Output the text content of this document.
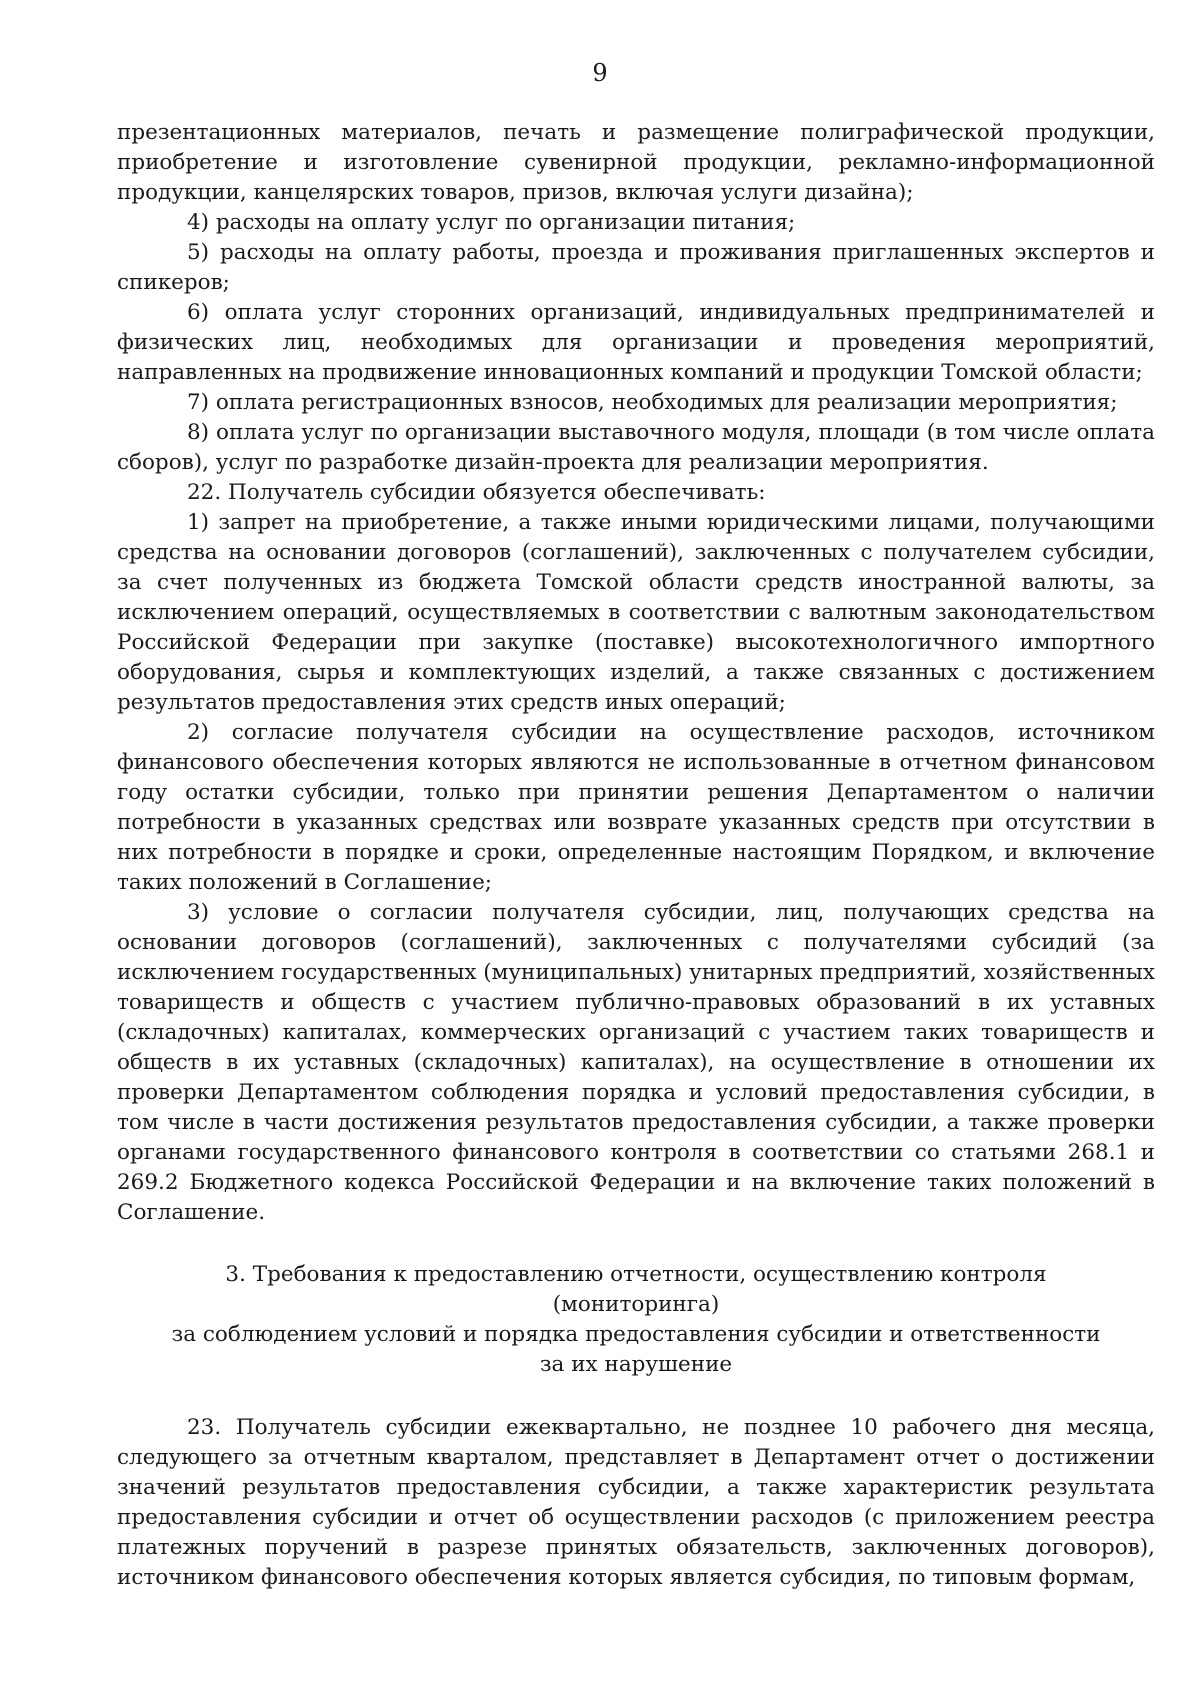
9

презентационных материалов, печать и размещение полиграфической продукции, приобретение и изготовление сувенирной продукции, рекламно-информационной продукции, канцелярских товаров, призов, включая услуги дизайна);

4) расходы на оплату услуг по организации питания;

5) расходы на оплату работы, проезда и проживания приглашенных экспертов и спикеров;

6) оплата услуг сторонних организаций, индивидуальных предпринимателей и физических лиц, необходимых для организации и проведения мероприятий, направленных на продвижение инновационных компаний и продукции Томской области;

7) оплата регистрационных взносов, необходимых для реализации мероприятия;

8) оплата услуг по организации выставочного модуля, площади (в том числе оплата сборов), услуг по разработке дизайн-проекта для реализации мероприятия.

22. Получатель субсидии обязуется обеспечивать:

1) запрет на приобретение, а также иными юридическими лицами, получающими средства на основании договоров (соглашений), заключенных с получателем субсидии, за счет полученных из бюджета Томской области средств иностранной валюты, за исключением операций, осуществляемых в соответствии с валютным законодательством Российской Федерации при закупке (поставке) высокотехнологичного импортного оборудования, сырья и комплектующих изделий, а также связанных с достижением результатов предоставления этих средств иных операций;

2) согласие получателя субсидии на осуществление расходов, источником финансового обеспечения которых являются не использованные в отчетном финансовом году остатки субсидии, только при принятии решения Департаментом о наличии потребности в указанных средствах или возврате указанных средств при отсутствии в них потребности в порядке и сроки, определенные настоящим Порядком, и включение таких положений в Соглашение;

3) условие о согласии получателя субсидии, лиц, получающих средства на основании договоров (соглашений), заключенных с получателями субсидий (за исключением государственных (муниципальных) унитарных предприятий, хозяйственных товариществ и обществ с участием публично-правовых образований в их уставных (складочных) капиталах, коммерческих организаций с участием таких товариществ и обществ в их уставных (складочных) капиталах), на осуществление в отношении их проверки Департаментом соблюдения порядка и условий предоставления субсидии, в том числе в части достижения результатов предоставления субсидии, а также проверки органами государственного финансового контроля в соответствии со статьями 268.1 и 269.2 Бюджетного кодекса Российской Федерации и на включение таких положений в Соглашение.

3. Требования к предоставлению отчетности, осуществлению контроля (мониторинга)
за соблюдением условий и порядка предоставления субсидии и ответственности
за их нарушение

23. Получатель субсидии ежеквартально, не позднее 10 рабочего дня месяца, следующего за отчетным кварталом, представляет в Департамент отчет о достижении значений результатов предоставления субсидии, а также характеристик результата предоставления субсидии и отчет об осуществлении расходов (с приложением реестра платежных поручений в разрезе принятых обязательств, заключенных договоров), источником финансового обеспечения которых является субсидия, по типовым формам,
